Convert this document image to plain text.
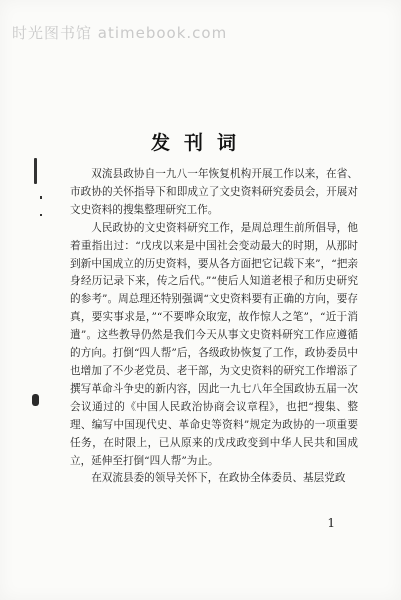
时光图书馆 atimebook.com
发刊词

双流县政协自一九八一年恢复机构开展工作以来，在省、市政协的关怀指导下和即成立了文史资料研究委员会，开展对文史资料的搜集整理研究工作。

人民政协的文史资料研究工作，是周总理生前所倡导，他着重指出过：“戊戌以来是中国社会变动最大的时期，从那时到新中国成立的历史资料，要从各方面把它记载下来”，“把亲身经历记录下来，传之后代。”“使后人知道老根子和历史研究的参考”。周总理还特别强调“文史资料要有正确的方向，要存真，要实事求是，”“不要哗众取宠，故作惊人之笔”，“近于消遣”。这些教导仍然是我们今天从事文史资料研究工作应遵循的方向。打倒“四人帮”后，各级政协恢复了工作，政协委员中也增加了不少老党员、老干部，为文史资料的研究工作增添了撰写革命斗争史的新内容，因此一九七八年全国政协五届一次会议通过的《中国人民政治协商会议章程》，也把“搜集、整理、编写中国现代史、革命史等资料”规定为政协的一项重要任务，在时限上，已从原来的戊戌政变到中华人民共和国成立，延伸至打倒“四人帮”为止。

在双流县委的领导关怀下，在政协全体委员、基层党政

1
